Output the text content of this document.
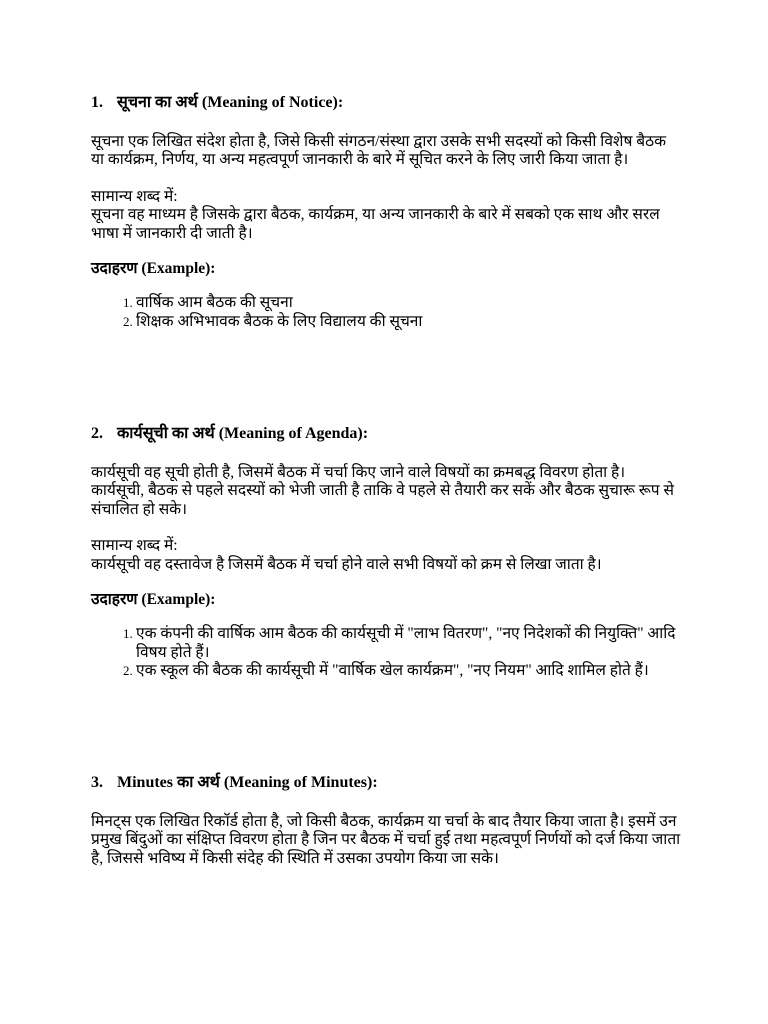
1. सूचना का अर्थ (Meaning of Notice):

सूचना एक लिखित संदेश होता है, जिसे किसी संगठन/संस्था द्वारा उसके सभी सदस्यों को किसी विशेष बैठक या कार्यक्रम, निर्णय, या अन्य महत्वपूर्ण जानकारी के बारे में सूचित करने के लिए जारी किया जाता है।

सामान्य शब्द में:

सूचना वह माध्यम है जिसके द्वारा बैठक, कार्यक्रम, या अन्य जानकारी के बारे में सबको एक साथ और सरल भाषा में जानकारी दी जाती है।

उदाहरण (Example):

1. वार्षिक आम बैठक की सूचना
2. शिक्षक अभिभावक बैठक के लिए विद्यालय की सूचना

2. कार्यसूची का अर्थ (Meaning of Agenda):

कार्यसूची वह सूची होती है, जिसमें बैठक में चर्चा किए जाने वाले विषयों का क्रमबद्ध विवरण होता है। कार्यसूची, बैठक से पहले सदस्यों को भेजी जाती है ताकि वे पहले से तैयारी कर सकें और बैठक सुचारू रूप से संचालित हो सके।

सामान्य शब्द में:

कार्यसूची वह दस्तावेज है जिसमें बैठक में चर्चा होने वाले सभी विषयों को क्रम से लिखा जाता है।

उदाहरण (Example):

1. एक कंपनी की वार्षिक आम बैठक की कार्यसूची में "लाभ वितरण", "नए निदेशकों की नियुक्ति" आदि विषय होते हैं।
2. एक स्कूल की बैठक की कार्यसूची में "वार्षिक खेल कार्यक्रम", "नए नियम" आदि शामिल होते हैं।

3. Minutes का अर्थ (Meaning of Minutes):

मिनट्स एक लिखित रिकॉर्ड होता है, जो किसी बैठक, कार्यक्रम या चर्चा के बाद तैयार किया जाता है। इसमें उन प्रमुख बिंदुओं का संक्षिप्त विवरण होता है जिन पर बैठक में चर्चा हुई तथा महत्वपूर्ण निर्णयों को दर्ज किया जाता है, जिससे भविष्य में किसी संदेह की स्थिति में उसका उपयोग किया जा सके।
